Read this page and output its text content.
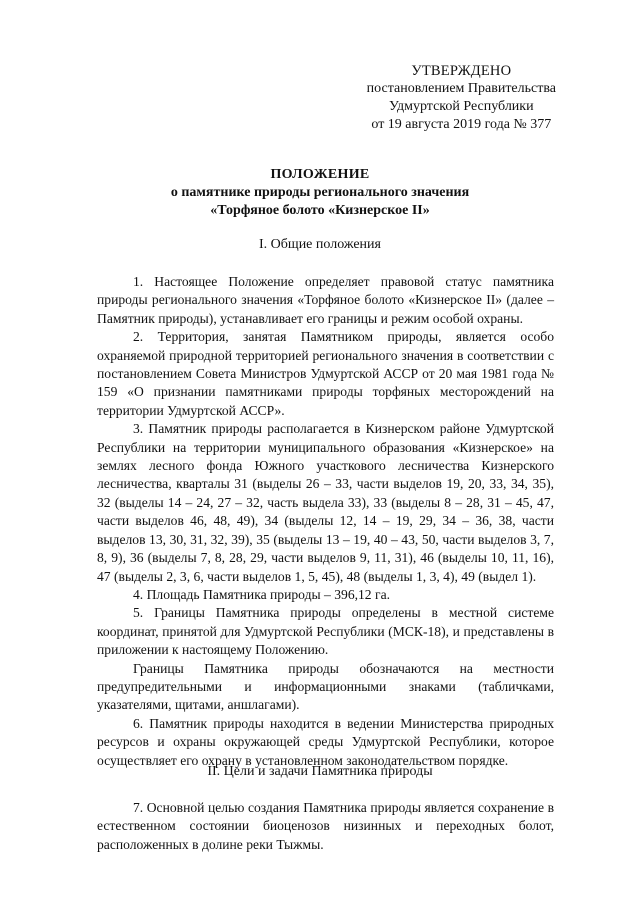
УТВЕРЖДЕНО
постановлением Правительства
Удмуртской Республики
от 19 августа 2019 года № 377
ПОЛОЖЕНИЕ
о памятнике природы регионального значения
«Торфяное болото «Кизнерское II»
I. Общие положения

1. Настоящее Положение определяет правовой статус памятника природы регионального значения «Торфяное болото «Кизнерское II» (далее – Памятник природы), устанавливает его границы и режим особой охраны.

2. Территория, занятая Памятником природы, является особо охраняемой природной территорией регионального значения в соответствии с постановлением Совета Министров Удмуртской АССР от 20 мая 1981 года № 159 «О признании памятниками природы торфяных месторождений на территории Удмуртской АССР».

3. Памятник природы располагается в Кизнерском районе Удмуртской Республики на территории муниципального образования «Кизнерское» на землях лесного фонда Южного участкового лесничества Кизнерского лесничества, кварталы 31 (выделы 26 – 33, части выделов 19, 20, 33, 34, 35), 32 (выделы 14 – 24, 27 – 32, часть выдела 33), 33 (выделы 8 – 28, 31 – 45, 47, части выделов 46, 48, 49), 34 (выделы 12, 14 – 19, 29, 34 – 36, 38, части выделов 13, 30, 31, 32, 39), 35 (выделы 13 – 19, 40 – 43, 50, части выделов 3, 7, 8, 9), 36 (выделы 7, 8, 28, 29, части выделов 9, 11, 31), 46 (выделы 10, 11, 16), 47 (выделы 2, 3, 6, части выделов 1, 5, 45), 48 (выделы 1, 3, 4), 49 (выдел 1).

4. Площадь Памятника природы – 396,12 га.

5. Границы Памятника природы определены в местной системе координат, принятой для Удмуртской Республики (МСК-18), и представлены в приложении к настоящему Положению.

Границы Памятника природы обозначаются на местности предупредительными и информационными знаками (табличками, указателями, щитами, аншлагами).

6. Памятник природы находится в ведении Министерства природных ресурсов и охраны окружающей среды Удмуртской Республики, которое осуществляет его охрану в установленном законодательством порядке.

II. Цели и задачи Памятника природы

7. Основной целью создания Памятника природы является сохранение в естественном состоянии биоценозов низинных и переходных болот, расположенных в долине реки Тыжмы.
